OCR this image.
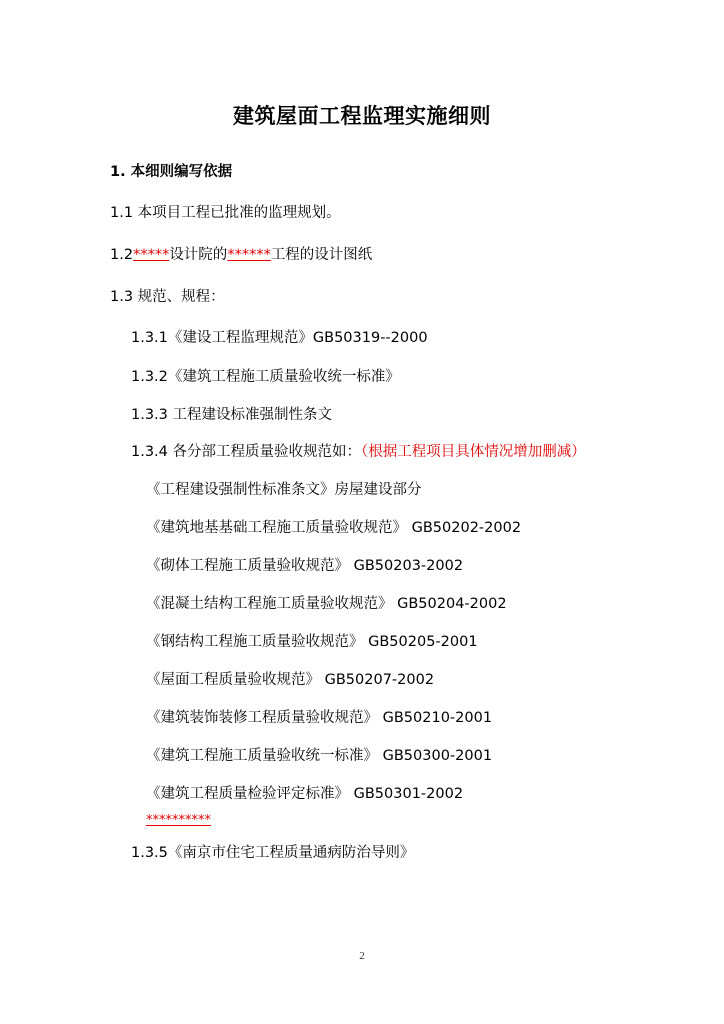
建筑屋面工程监理实施细则
1. 本细则编写依据
1.1 本项目工程已批准的监理规划。
1.2*****设计院的******工程的设计图纸
1.3 规范、规程：
1.3.1《建设工程监理规范》GB50319--2000
1.3.2《建筑工程施工质量验收统一标准》
1.3.3 工程建设标准强制性条文
1.3.4 各分部工程质量验收规范如：（根据工程项目具体情况增加删减）
《工程建设强制性标准条文》房屋建设部分
《建筑地基基础工程施工质量验收规范》 GB50202-2002
《砌体工程施工质量验收规范》 GB50203-2002
《混凝土结构工程施工质量验收规范》 GB50204-2002
《钢结构工程施工质量验收规范》 GB50205-2001
《屋面工程质量验收规范》 GB50207-2002
《建筑装饰装修工程质量验收规范》 GB50210-2001
《建筑工程施工质量验收统一标准》 GB50300-2001
《建筑工程质量检验评定标准》 GB50301-2002
**********
1.3.5《南京市住宅工程质量通病防治导则》
2
